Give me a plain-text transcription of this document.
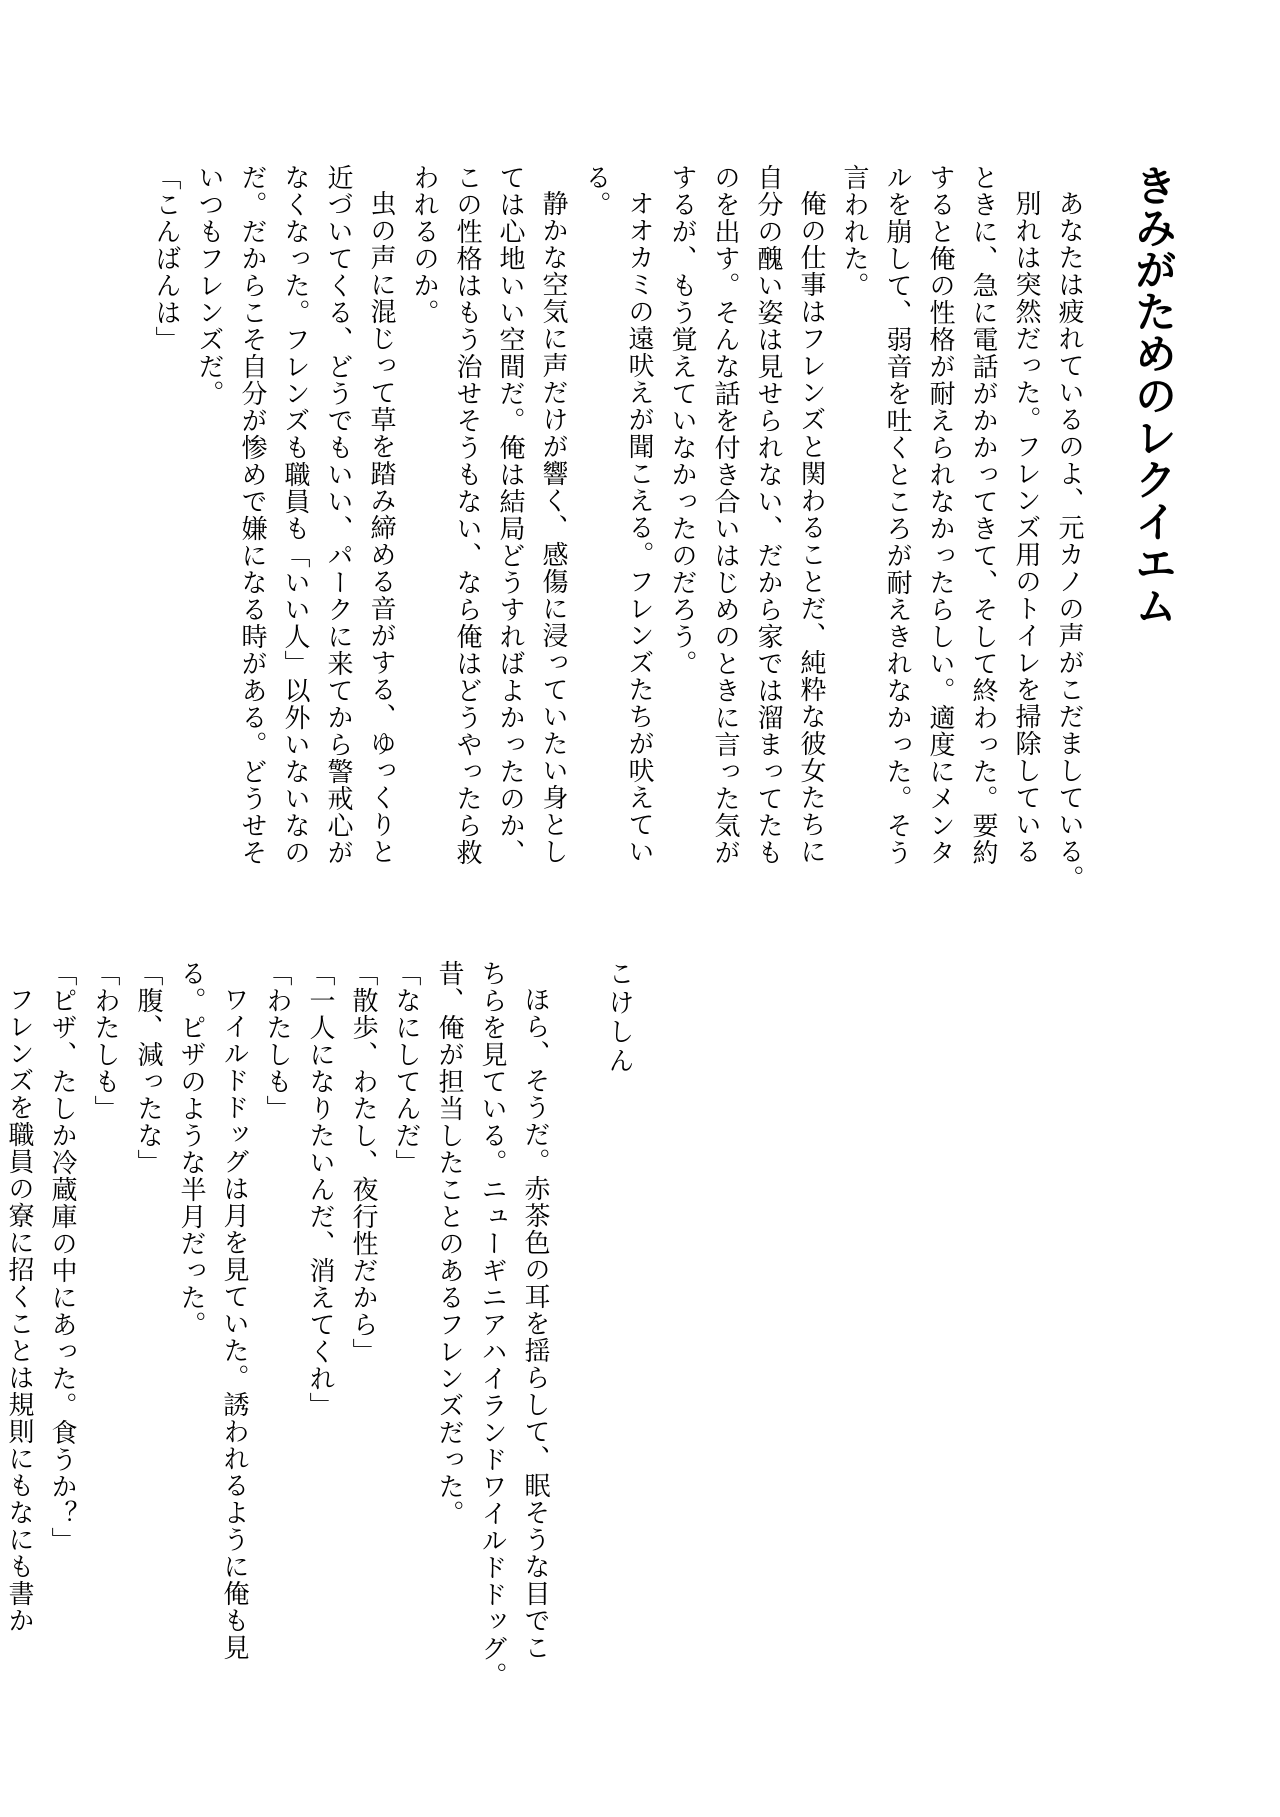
きみがためのレクイエム
あなたは疲れているのよ、元カノの声がこだましている。
別れは突然だった。フレンズ用のトイレを掃除している
ときに、急に電話がかかってきて、そして終わった。要約
すると俺の性格が耐えられなかったらしい。適度にメンタ
ルを崩して、弱音を吐くところが耐えきれなかった。そう
言われた。
俺の仕事はフレンズと関わることだ、純粋な彼女たちに
自分の醜い姿は見せられない、だから家では溜まってたも
のを出す。そんな話を付き合いはじめのときに言った気が
するが、もう覚えていなかったのだろう。
オオカミの遠吠えが聞こえる。フレンズたちが吠えてい
る。
静かな空気に声だけが響く、感傷に浸っていたい身とし
ては心地いい空間だ。俺は結局どうすればよかったのか、
この性格はもう治せそうもない、なら俺はどうやったら救
われるのか。
虫の声に混じって草を踏み締める音がする、ゆっくりと
近づいてくる、どうでもいい、パークに来てから警戒心が
なくなった。フレンズも職員も「いい人」以外いないなの
だ。だからこそ自分が惨めで嫌になる時がある。どうせそ
いつもフレンズだ。
「こんばんは」
こけしん
ほら、そうだ。赤茶色の耳を揺らして、眠そうな目でこ
ちらを見ている。ニューギニアハイランドワイルドドッグ。
昔、俺が担当したことのあるフレンズだった。
「なにしてんだ」
「散歩、わたし、夜行性だから」
「一人になりたいんだ、消えてくれ」
「わたしも」
ワイルドドッグは月を見ていた。誘われるように俺も見
る。ピザのような半月だった。
「腹、減ったな」
「わたしも」
「ピザ、たしか冷蔵庫の中にあった。食うか？」
フレンズを職員の寮に招くことは規則にもなにも書か
